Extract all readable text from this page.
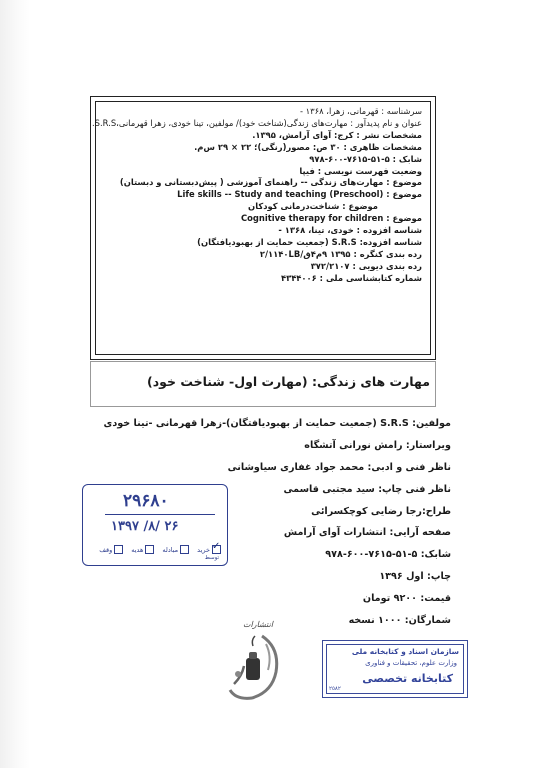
سرشناسه : قهرمانی، زهرا، ۱۳۶۸ -
عنوان و نام پدیدآور : مهارت‌های زندگی(شناخت خود)/ مولفین، تینا خودی، زهرا قهرمانی،S.R.S.
مشخصات نشر : کرج: آوای آرامش، ۱۳۹۵.
مشخصات ظاهری : ۳۰ ص: مصور(رنگی)؛ ۲۲ × ۲۹ س‌م.
شابک : ۵-۵۱-۷۶۱۵-۶۰۰-۹۷۸
وضعیت فهرست نویسی : فیپا
موضوع : مهارت‌های زندگی -- راهنمای آموزشی ( پیش‌دبستانی و دبستان)
موضوع : (Life skills -- Study and teaching (Preschool
موضوع : شناخت‌درمانی کودکان
موضوع : Cognitive therapy for children
شناسه افزوده : خودی، تینا، ۱۳۶۸ -
شناسه افزوده: S.R.S (جمعیت حمایت از بهبودیافتگان)
رده بندی کنگره : ۱۳۹۵ ۹م۴ق/۲/۱۱۴۰LB
رده بندی دیویی : ۳۷۲/۲۱۰۷
شماره کتابشناسی ملی : ۴۳۴۴۰۰۶
مهارت های زندگی: (مهارت اول- شناخت خود)
مولفین: S.R.S (جمعیت حمایت از بهبودیافتگان)-زهرا قهرمانی -تینا خودی
ویراستار: رامش نورانی آتشگاه
ناظر فنی و ادبی: محمد جواد غفاری سیاوشانی
ناظر فنی چاپ: سید مجتبی قاسمی
طراح:رجا رضایی کوچکسرائی
صفحه آرایی: انتشارات آوای آرامش
شابک: ۵-۵۱-۷۶۱۵-۶۰۰-۹۷۸
چاپ: اول ۱۳۹۶
قیمت: ۹۲۰۰ تومان
شمارگان: ۱۰۰۰ نسخه
۲۹۶۸۰
۱۳۹۷ /۸/ ۲۶
✓
خرید
مبادله
هدیه
وقف
توسط
انتشارات
سازمان اسناد و کتابخانه ملی
وزارت علوم، تحقیقات و فناوری
کتابخانه تخصصی
٢٥٨٢
